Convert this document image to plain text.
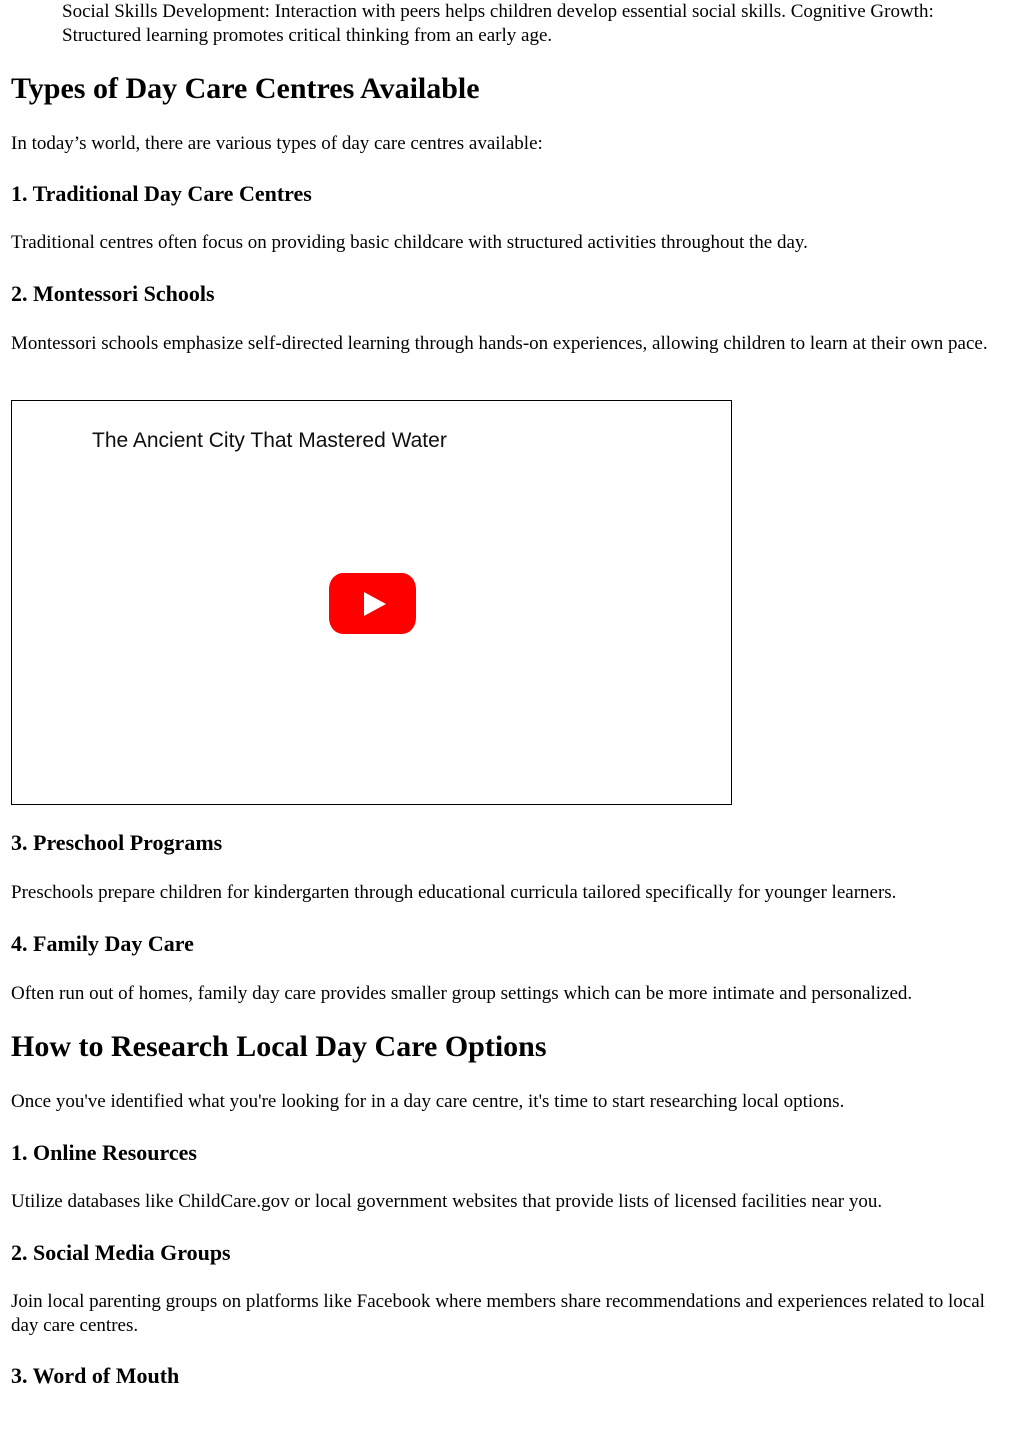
Social Skills Development: Interaction with peers helps children develop essential social skills. Cognitive Growth: Structured learning promotes critical thinking from an early age.

Types of Day Care Centres Available

In today’s world, there are various types of day care centres available:

1. Traditional Day Care Centres

Traditional centres often focus on providing basic childcare with structured activities throughout the day.

2. Montessori Schools

Montessori schools emphasize self-directed learning through hands-on experiences, allowing children to learn at their own pace.

The Ancient City That Mastered Water
3. Preschool Programs

Preschools prepare children for kindergarten through educational curricula tailored specifically for younger learners.

4. Family Day Care

Often run out of homes, family day care provides smaller group settings which can be more intimate and personalized.

How to Research Local Day Care Options

Once you've identified what you're looking for in a day care centre, it's time to start researching local options.

1. Online Resources

Utilize databases like ChildCare.gov or local government websites that provide lists of licensed facilities near you.

2. Social Media Groups

Join local parenting groups on platforms like Facebook where members share recommendations and experiences related to local day care centres.

3. Word of Mouth
